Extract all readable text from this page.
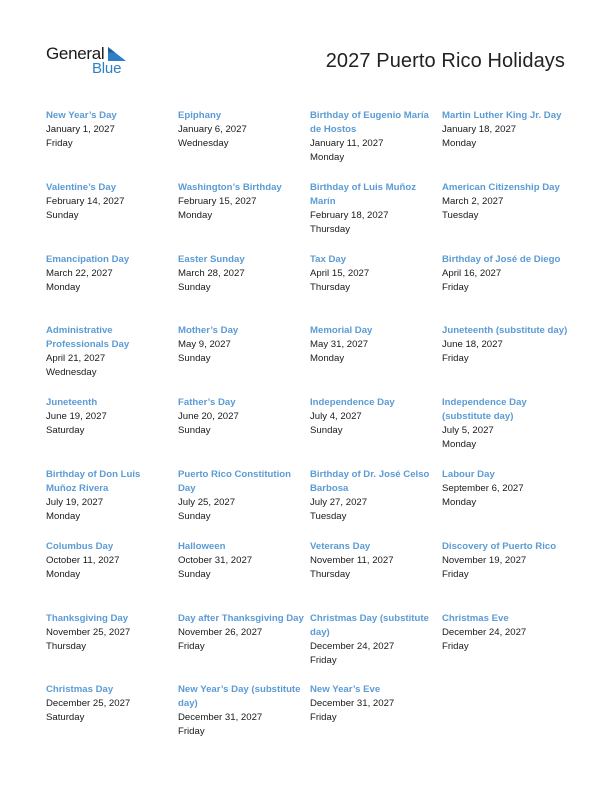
General
Blue	2027 Puerto Rico Holidays
New Year’s Day
January 1, 2027
Friday
Epiphany
January 6, 2027
Wednesday
Birthday of Eugenio María de Hostos
January 11, 2027
Monday
Martin Luther King Jr. Day
January 18, 2027
Monday
Valentine’s Day
February 14, 2027
Sunday
Washington’s Birthday
February 15, 2027
Monday
Birthday of Luis Muñoz Marín
February 18, 2027
Thursday
American Citizenship Day
March 2, 2027
Tuesday
Emancipation Day
March 22, 2027
Monday
Easter Sunday
March 28, 2027
Sunday
Tax Day
April 15, 2027
Thursday
Birthday of José de Diego
April 16, 2027
Friday
Administrative Professionals Day
April 21, 2027
Wednesday
Mother’s Day
May 9, 2027
Sunday
Memorial Day
May 31, 2027
Monday
Juneteenth (substitute day)
June 18, 2027
Friday
Juneteenth
June 19, 2027
Saturday
Father’s Day
June 20, 2027
Sunday
Independence Day
July 4, 2027
Sunday
Independence Day (substitute day)
July 5, 2027
Monday
Birthday of Don Luis Muñoz Rivera
July 19, 2027
Monday
Puerto Rico Constitution Day
July 25, 2027
Sunday
Birthday of Dr. José Celso Barbosa
July 27, 2027
Tuesday
Labour Day
September 6, 2027
Monday
Columbus Day
October 11, 2027
Monday
Halloween
October 31, 2027
Sunday
Veterans Day
November 11, 2027
Thursday
Discovery of Puerto Rico
November 19, 2027
Friday
Thanksgiving Day
November 25, 2027
Thursday
Day after Thanksgiving Day
November 26, 2027
Friday
Christmas Day (substitute day)
December 24, 2027
Friday
Christmas Eve
December 24, 2027
Friday
Christmas Day
December 25, 2027
Saturday
New Year’s Day (substitute day)
December 31, 2027
Friday
New Year’s Eve
December 31, 2027
Friday
